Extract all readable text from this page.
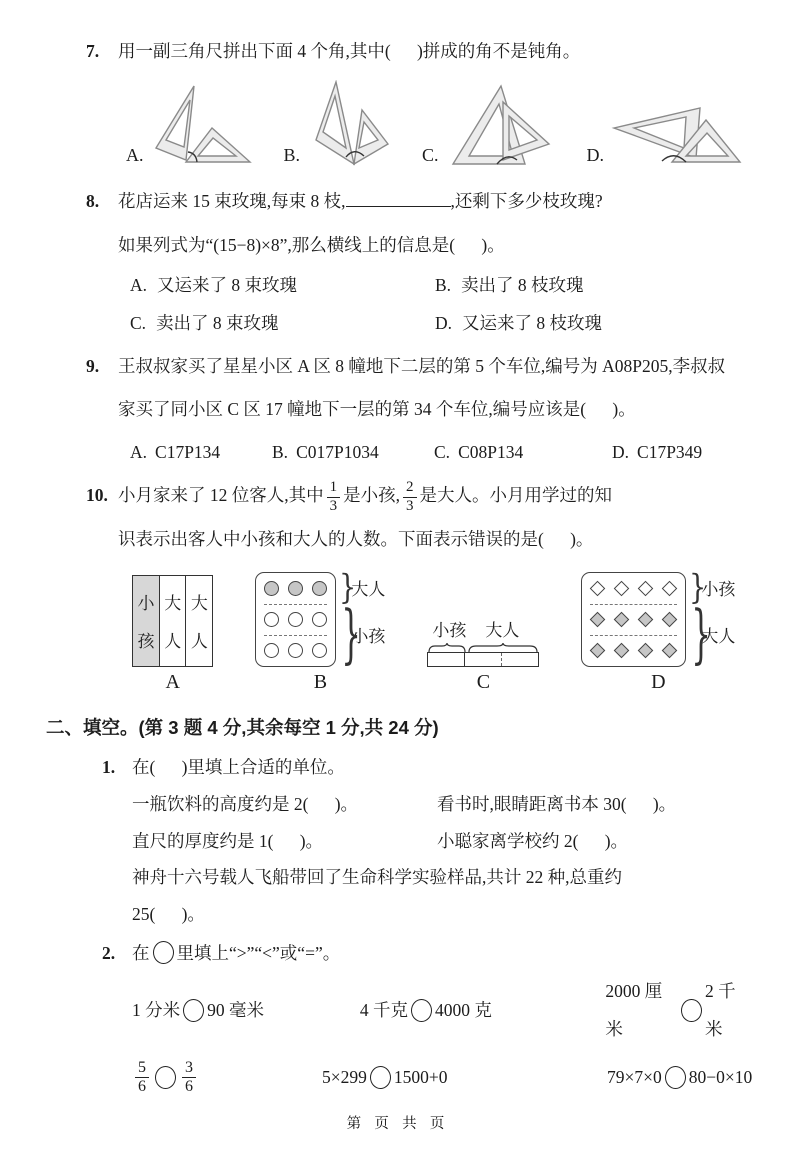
7.	用一副三角尺拼出下面 4 个角,其中(      )拼成的角不是钝角。
A.	B.	C.	D.
8.	花店运来 15 束玫瑰,每束 8 枝,	,还剩下多少枝玫瑰?
如果列式为“(15−8)×8”,那么横线上的信息是(      )。
A. 又运来了 8 束玫瑰	B. 卖出了 8 枝玫瑰
C. 卖出了 8 束玫瑰	D. 又运来了 8 枝玫瑰
9.	王叔叔家买了星星小区 A 区 8 幢地下二层的第 5 个车位,编号为 A08P205,李叔叔家买了同小区 C 区 17 幢地下一层的第 34 个车位,编号应该是(      )。
A. C17P134	B. C017P1034	C. C08P134	D. C17P349
10. 小月家来了 12 位客人,其中 $\frac{1}{3}$ 是小孩, $\frac{2}{3}$ 是大人。小月用学过的知
识表示出客人中小孩和大人的人数。下面表示错误的是(      )。
小
孩
大
人
大
人
A
}
大人
}
小孩
B
小孩	大人
C
}
小孩
}
大人
D
二、填空。(第 3 题 4 分,其余每空 1 分,共 24 分)
1. 在(      )里填上合适的单位。
一瓶饮料的高度约是 2(      )。	看书时,眼睛距离书本 30(      )。
直尺的厚度约是 1(      )。	小聪家离学校约 2(      )。
神舟十六号载人飞船带回了生命科学实验样品,共计 22 种,总重约
25(      )。
2. 在 里填上“>”“<”或“=”。
1 分米 90 毫米	4 千克 4000 克
2000 厘米
2 千米
$\frac{5}{6} \frac{3}{6}$	5×299 1500+0	79×7×0 80−0×10
第  页  共  页
